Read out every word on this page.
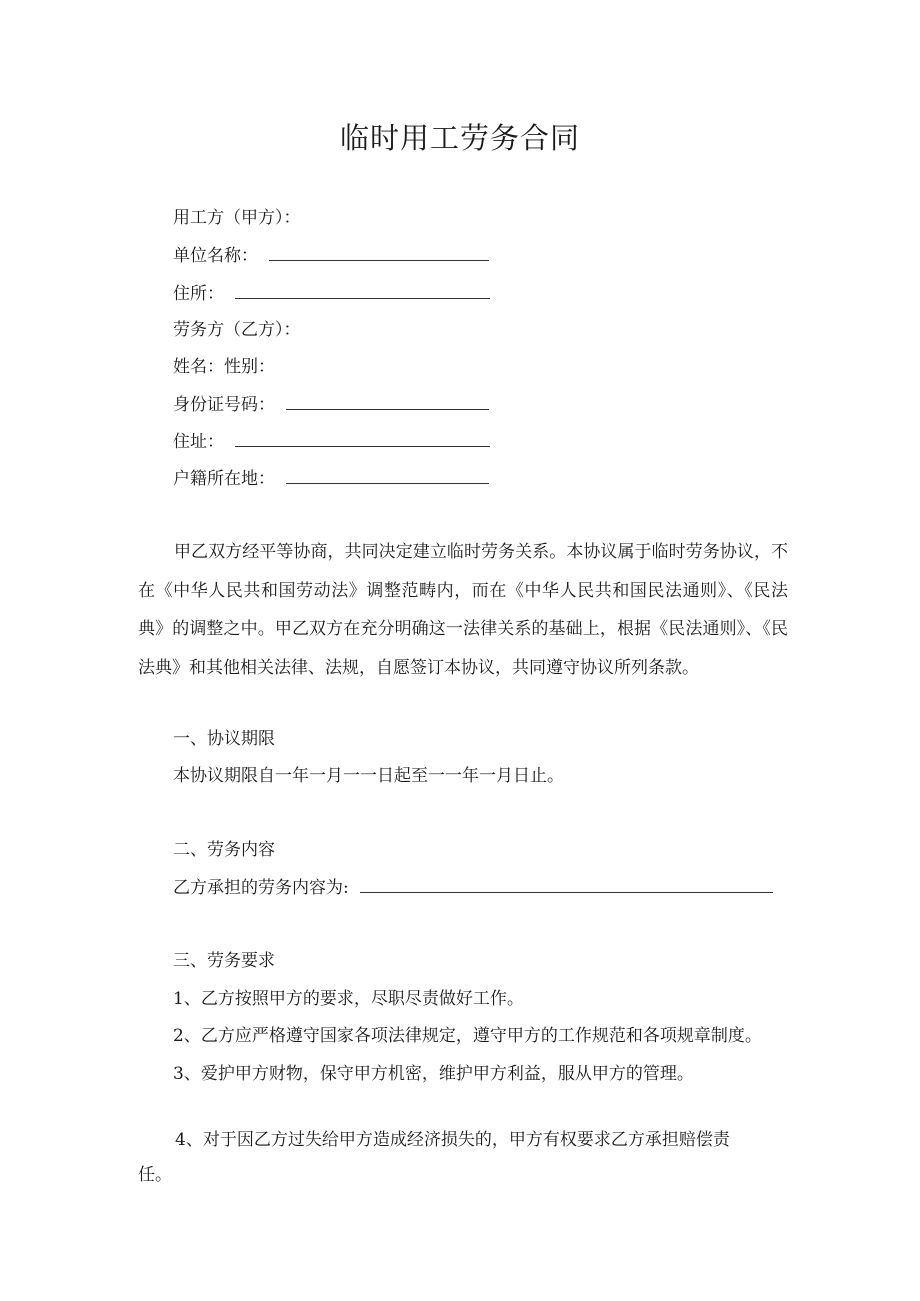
临时用工劳务合同
用工方（甲方）：
单位名称：
住所：
劳务方（乙方）：
姓名：性别：
身份证号码：
住址：
户籍所在地：
甲乙双方经平等协商，共同决定建立临时劳务关系。本协议属于临时劳务协议，不在《中华人民共和国劳动法》调整范畴内，而在《中华人民共和国民法通则》、《民法典》的调整之中。甲乙双方在充分明确这一法律关系的基础上，根据《民法通则》、《民法典》和其他相关法律、法规，自愿签订本协议，共同遵守协议所列条款。
一、协议期限
本协议期限自一年一月一一日起至一一年一月日止。
二、劳务内容
乙方承担的劳务内容为:
三、劳务要求
1、乙方按照甲方的要求，尽职尽责做好工作。
2、乙方应严格遵守国家各项法律规定，遵守甲方的工作规范和各项规章制度。
3、爱护甲方财物，保守甲方机密，维护甲方利益，服从甲方的管理。
4、对于因乙方过失给甲方造成经济损失的，甲方有权要求乙方承担赔偿责
任。
